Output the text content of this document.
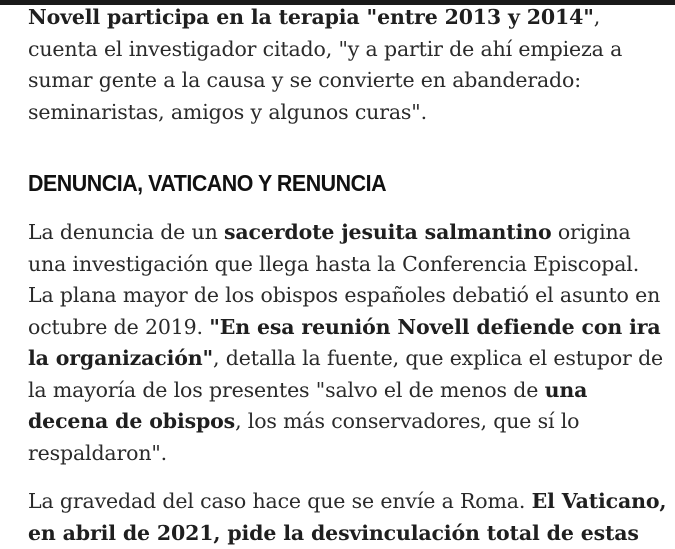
Novell participa en la terapia "entre 2013 y 2014", cuenta el investigador citado, "y a partir de ahí empieza a sumar gente a la causa y se convierte en abanderado: seminaristas, amigos y algunos curas".

DENUNCIA, VATICANO Y RENUNCIA

La denuncia de un sacerdote jesuita salmantino origina una investigación que llega hasta la Conferencia Episcopal. La plana mayor de los obispos españoles debatió el asunto en octubre de 2019. "En esa reunión Novell defiende con ira la organización", detalla la fuente, que explica el estupor de la mayoría de los presentes "salvo el de menos de una decena de obispos, los más conservadores, que sí lo respaldaron".

La gravedad del caso hace que se envíe a Roma. El Vaticano, en abril de 2021, pide la desvinculación total de estas
